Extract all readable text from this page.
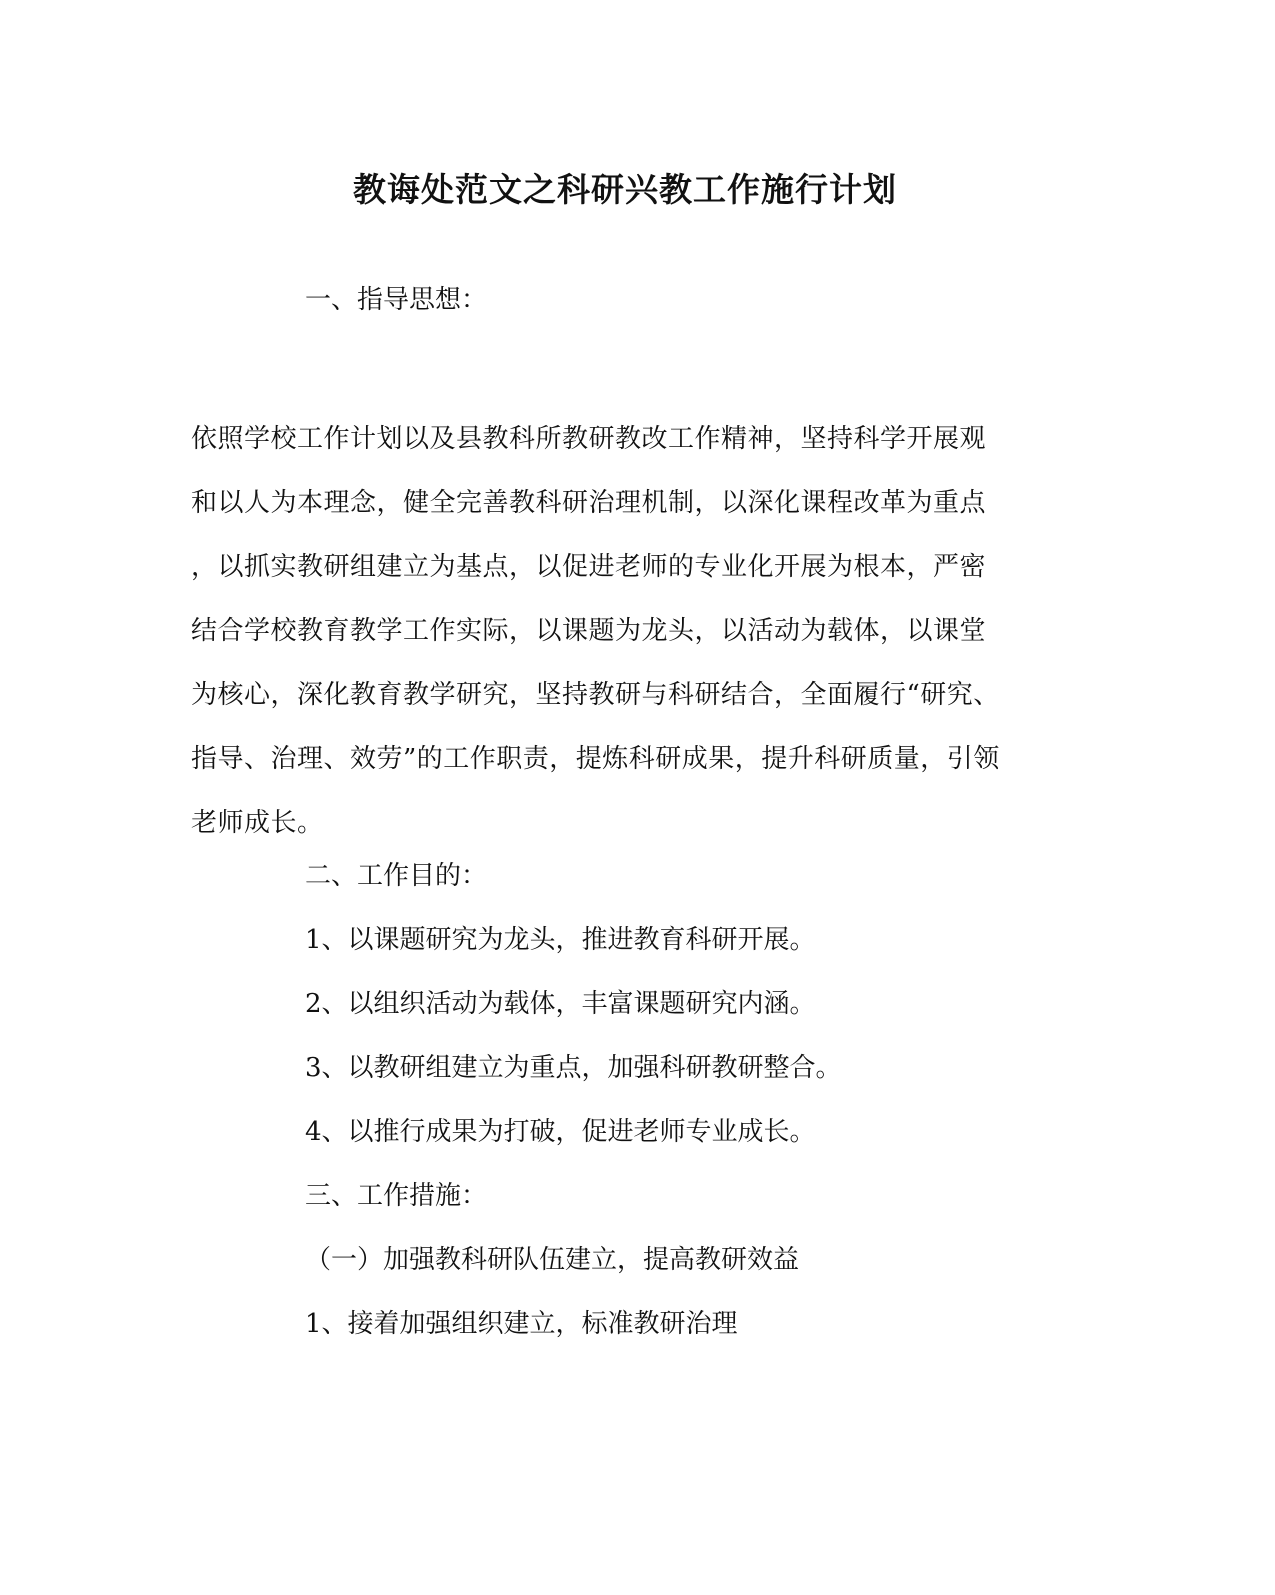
教诲处范文之科研兴教工作施行计划

一、指导思想：

依照学校工作计划以及县教科所教研教改工作精神，坚持科学开展观
和以人为本理念，健全完善教科研治理机制，以深化课程改革为重点
，以抓实教研组建立为基点，以促进老师的专业化开展为根本，严密
结合学校教育教学工作实际，以课题为龙头，以活动为载体，以课堂
为核心，深化教育教学研究，坚持教研与科研结合，全面履行“研究、
指导、治理、效劳”的工作职责，提炼科研成果，提升科研质量，引领
老师成长。

二、工作目的：

1、以课题研究为龙头，推进教育科研开展。

2、以组织活动为载体，丰富课题研究内涵。

3、以教研组建立为重点，加强科研教研整合。

4、以推行成果为打破，促进老师专业成长。

三、工作措施：

（一）加强教科研队伍建立，提高教研效益

1、接着加强组织建立，标准教研治理
